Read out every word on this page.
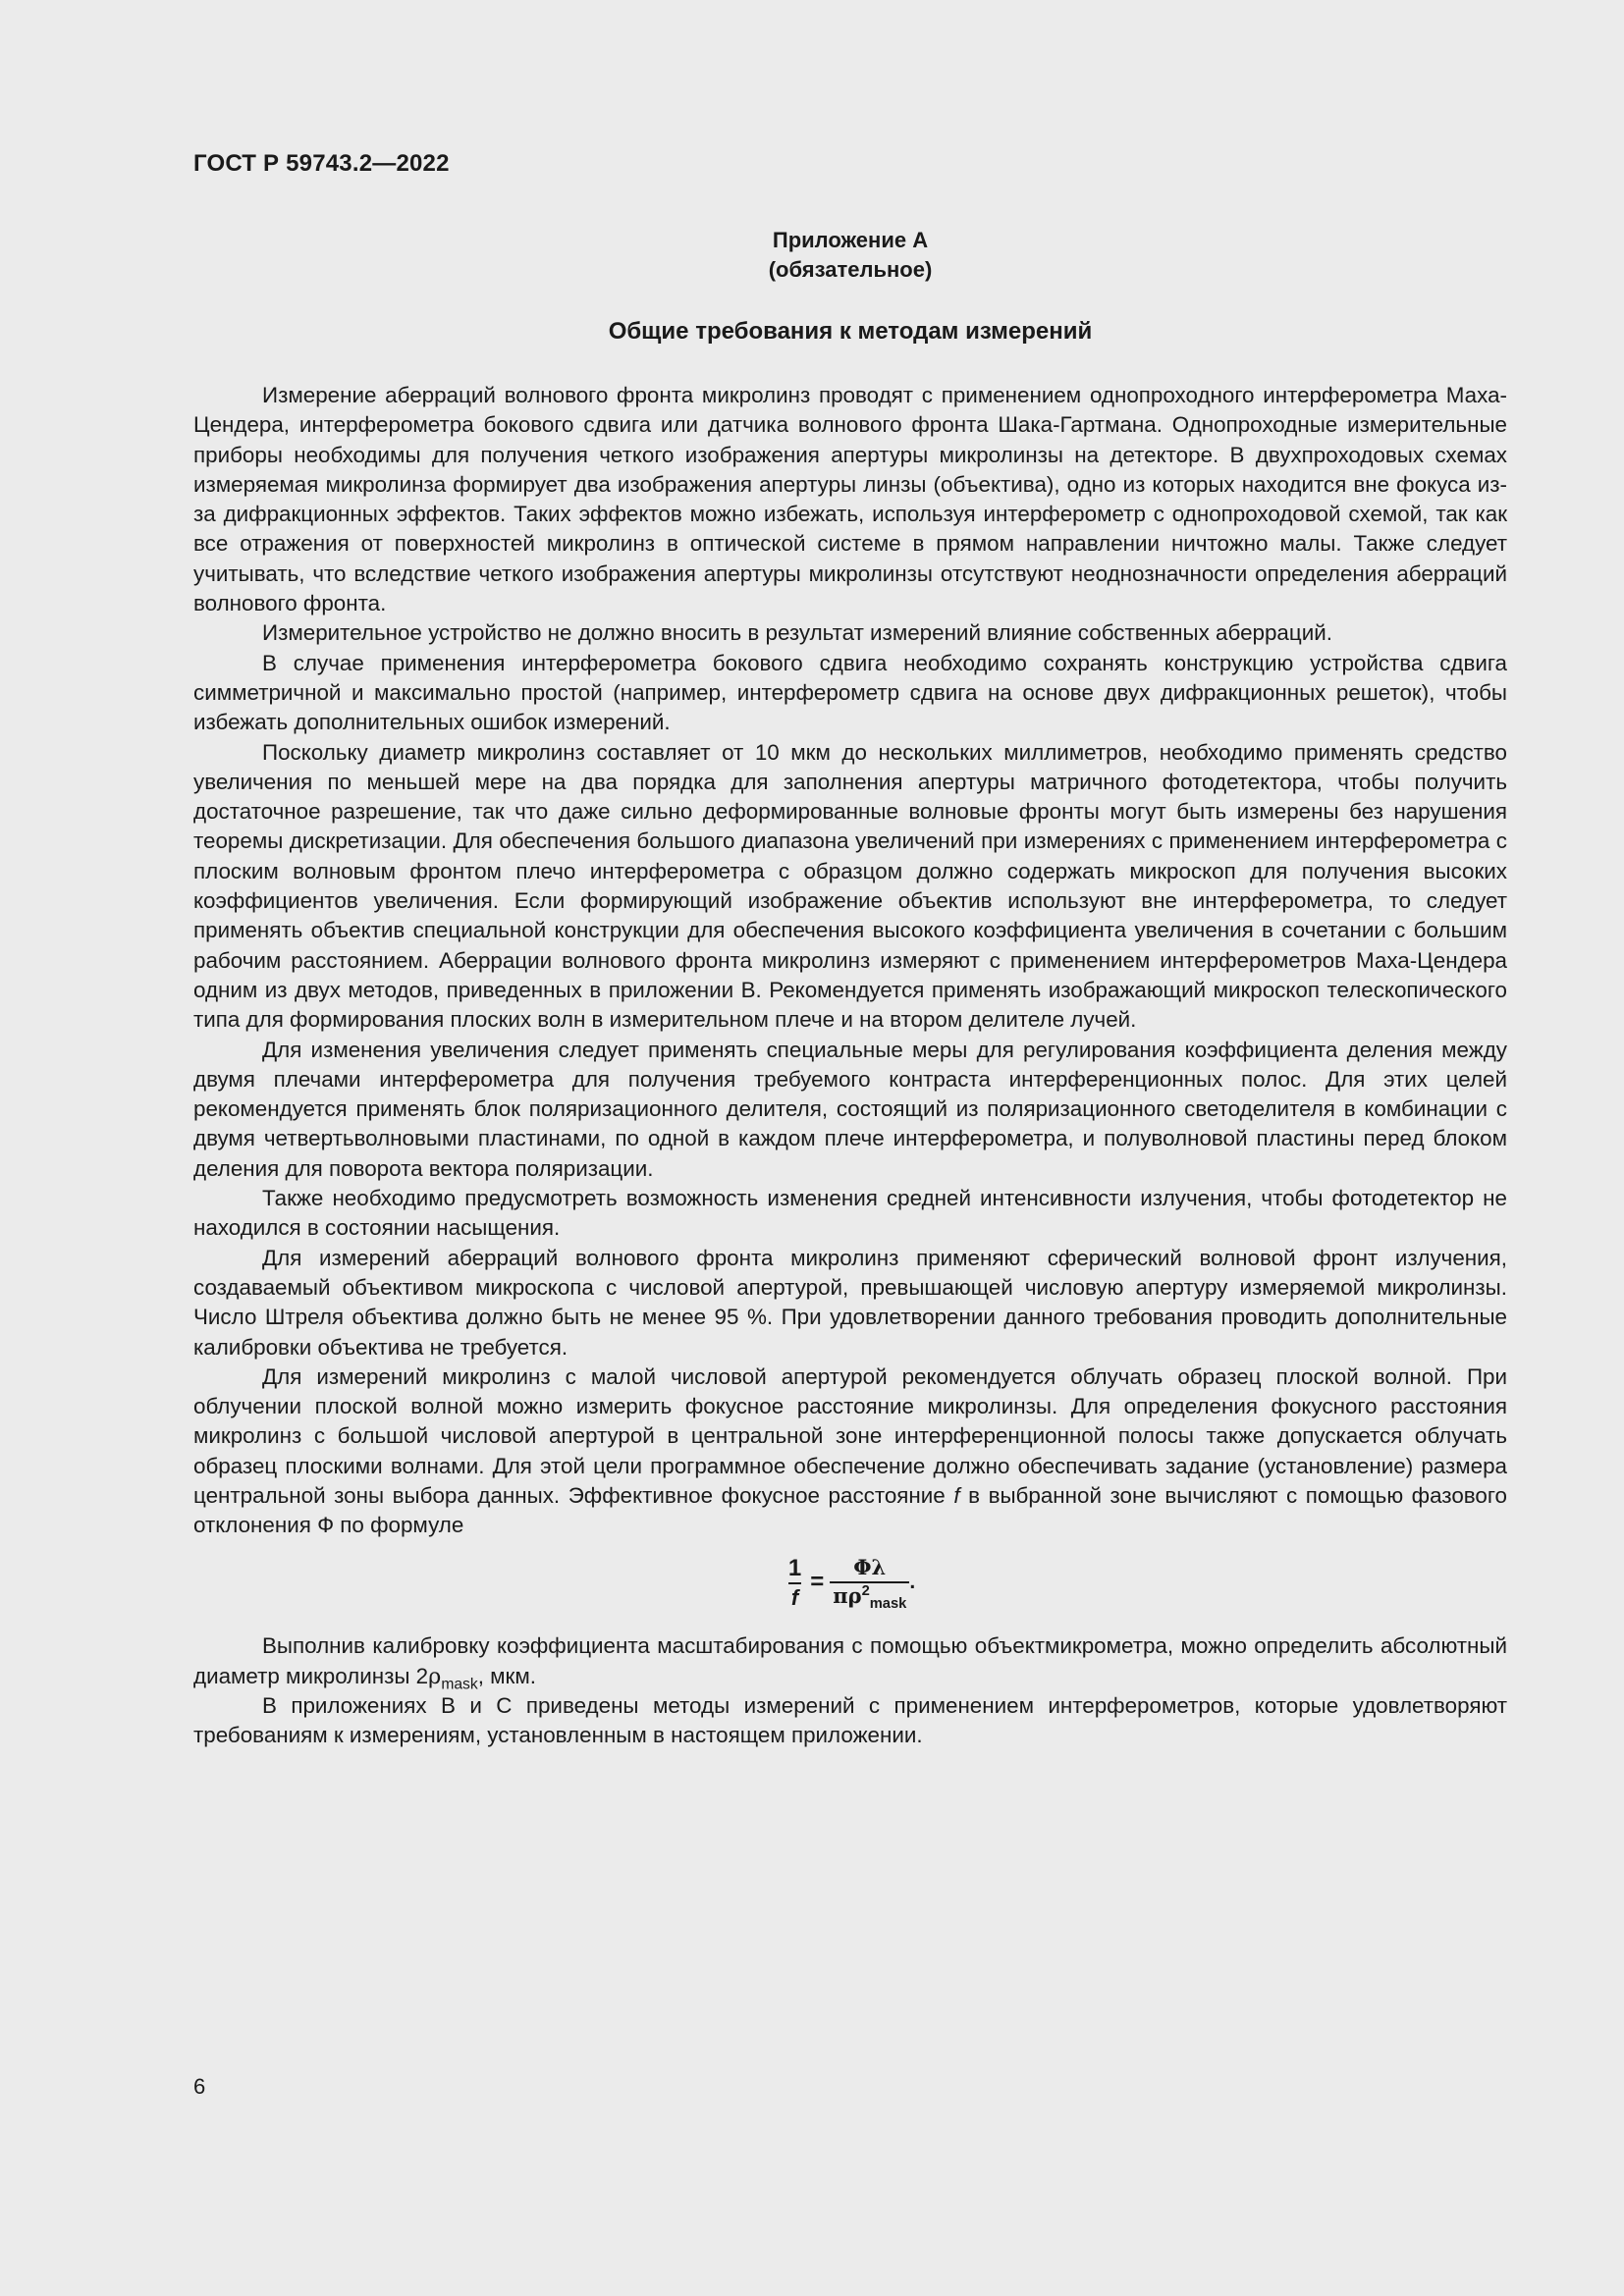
ГОСТ Р 59743.2—2022
Приложение А
(обязательное)
Общие требования к методам измерений

Измерение аберраций волнового фронта микролинз проводят с применением однопроходного интерферометра Маха-Цендера, интерферометра бокового сдвига или датчика волнового фронта Шака-Гартмана. Однопроходные измерительные приборы необходимы для получения четкого изображения апертуры микролинзы на детекторе. В двухпроходовых схемах измеряемая микролинза формирует два изображения апертуры линзы (объектива), одно из которых находится вне фокуса из-за дифракционных эффектов. Таких эффектов можно избежать, используя интерферометр с однопроходовой схемой, так как все отражения от поверхностей микролинз в оптической системе в прямом направлении ничтожно малы. Также следует учитывать, что вследствие четкого изображения апертуры микролинзы отсутствуют неоднозначности определения аберраций волнового фронта.

Измерительное устройство не должно вносить в результат измерений влияние собственных аберраций.

В случае применения интерферометра бокового сдвига необходимо сохранять конструкцию устройства сдвига симметричной и максимально простой (например, интерферометр сдвига на основе двух дифракционных решеток), чтобы избежать дополнительных ошибок измерений.

Поскольку диаметр микролинз составляет от 10 мкм до нескольких миллиметров, необходимо применять средство увеличения по меньшей мере на два порядка для заполнения апертуры матричного фотодетектора, чтобы получить достаточное разрешение, так что даже сильно деформированные волновые фронты могут быть измерены без нарушения теоремы дискретизации. Для обеспечения большого диапазона увеличений при измерениях с применением интерферометра с плоским волновым фронтом плечо интерферометра с образцом должно содержать микроскоп для получения высоких коэффициентов увеличения. Если формирующий изображение объектив используют вне интерферометра, то следует применять объектив специальной конструкции для обеспечения высокого коэффициента увеличения в сочетании с большим рабочим расстоянием. Аберрации волнового фронта микролинз измеряют с применением интерферометров Маха-Цендера одним из двух методов, приведенных в приложении В. Рекомендуется применять изображающий микроскоп телескопического типа для формирования плоских волн в измерительном плече и на втором делителе лучей.

Для изменения увеличения следует применять специальные меры для регулирования коэффициента деления между двумя плечами интерферометра для получения требуемого контраста интерференционных полос. Для этих целей рекомендуется применять блок поляризационного делителя, состоящий из поляризационного светоделителя в комбинации с двумя четвертьволновыми пластинами, по одной в каждом плече интерферометра, и полуволновой пластины перед блоком деления для поворота вектора поляризации.

Также необходимо предусмотреть возможность изменения средней интенсивности излучения, чтобы фотодетектор не находился в состоянии насыщения.

Для измерений аберраций волнового фронта микролинз применяют сферический волновой фронт излучения, создаваемый объективом микроскопа с числовой апертурой, превышающей числовую апертуру измеряемой микролинзы. Число Штреля объектива должно быть не менее 95 %. При удовлетворении данного требования проводить дополнительные калибровки объектива не требуется.

Для измерений микролинз с малой числовой апертурой рекомендуется облучать образец плоской волной. При облучении плоской волной можно измерить фокусное расстояние микролинзы. Для определения фокусного расстояния микролинз с большой числовой апертурой в центральной зоне интерференционной полосы также допускается облучать образец плоскими волнами. Для этой цели программное обеспечение должно обеспечивать задание (установление) размера центральной зоны выбора данных. Эффективное фокусное расстояние f в выбранной зоне вычисляют с помощью фазового отклонения Ф по формуле

$\frac{1}{f} = \frac{\Phi\lambda}{\pi\rho^2_{mask}}$ .

Выполнив калибровку коэффициента масштабирования с помощью объектмикрометра, можно определить абсолютный диаметр микролинзы $2\rho_{mask}$, мкм.

В приложениях В и С приведены методы измерений с применением интерферометров, которые удовлетворяют требованиям к измерениям, установленным в настоящем приложении.

6
